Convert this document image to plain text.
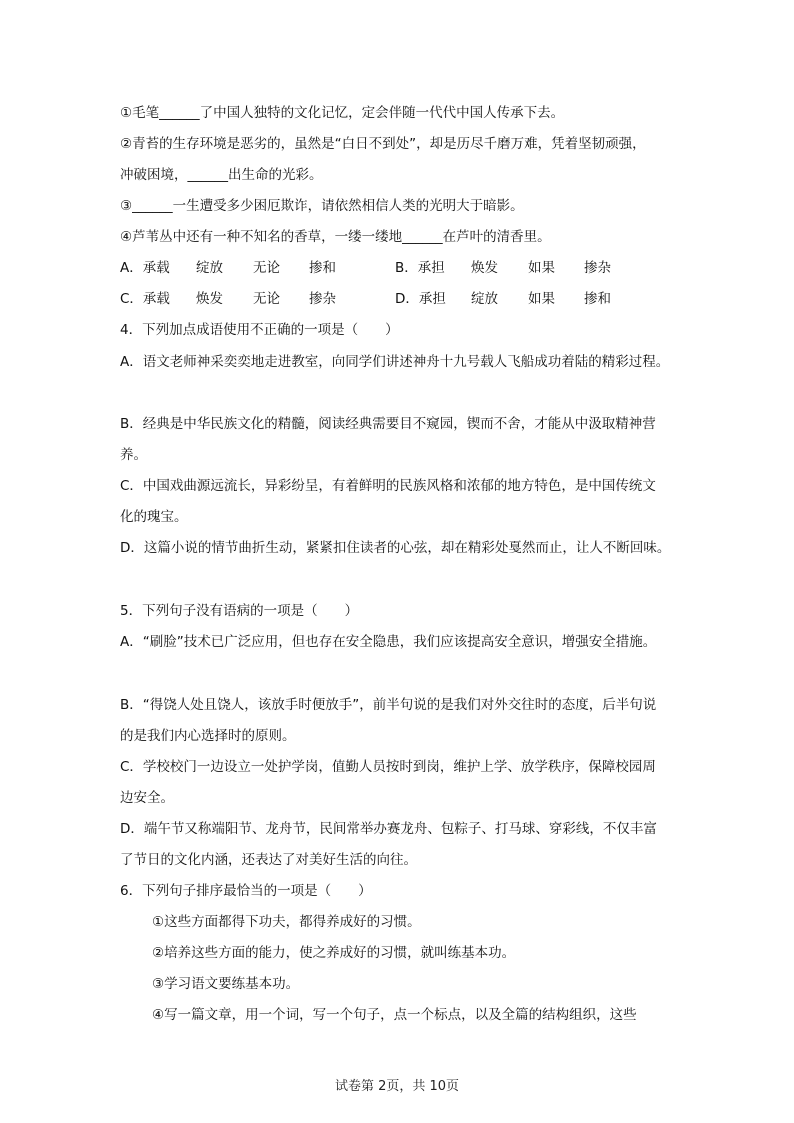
①毛笔______了中国人独特的文化记忆，定会伴随一代代中国人传承下去。
②青苔的生存环境是恶劣的，虽然是“白日不到处”，却是历尽千磨万难，凭着坚韧顽强，
冲破困境，______出生命的光彩。
③______一生遭受多少困厄欺诈，请依然相信人类的光明大于暗影。
④芦苇丛中还有一种不知名的香草，一缕一缕地______在芦叶的清香里。
A．承载 绽放 无论 掺和	B．承担 焕发 如果 掺杂
C．承载 焕发 无论 掺杂	D．承担 绽放 如果 掺和
4．下列加点成语使用不正确的一项是（　　）
A．语文老师神采奕奕地走进教室，向同学们讲述神舟十九号载人飞船成功着陆的精彩过程。
B．经典是中华民族文化的精髓，阅读经典需要目不窥园，锲而不舍，才能从中汲取精神营
养。
C．中国戏曲源远流长，异彩纷呈，有着鲜明的民族风格和浓郁的地方特色，是中国传统文
化的瑰宝。
D．这篇小说的情节曲折生动，紧紧扣住读者的心弦，却在精彩处戛然而止，让人不断回味。
5．下列句子没有语病的一项是（　　）
A．“刷脸”技术已广泛应用，但也存在安全隐患，我们应该提高安全意识，增强安全措施。
B．“得饶人处且饶人，该放手时便放手”，前半句说的是我们对外交往时的态度，后半句说
的是我们内心选择时的原则。
C．学校校门一边设立一处护学岗，值勤人员按时到岗，维护上学、放学秩序，保障校园周
边安全。
D．端午节又称端阳节、龙舟节，民间常举办赛龙舟、包粽子、打马球、穿彩线，不仅丰富
了节日的文化内涵，还表达了对美好生活的向往。
6．下列句子排序最恰当的一项是（　　）
①这些方面都得下功夫，都得养成好的习惯。
②培养这些方面的能力，使之养成好的习惯，就叫练基本功。
③学习语文要练基本功。
④写一篇文章，用一个词，写一个句子，点一个标点，以及全篇的结构组织，这些
试卷第 2页，共 10页
